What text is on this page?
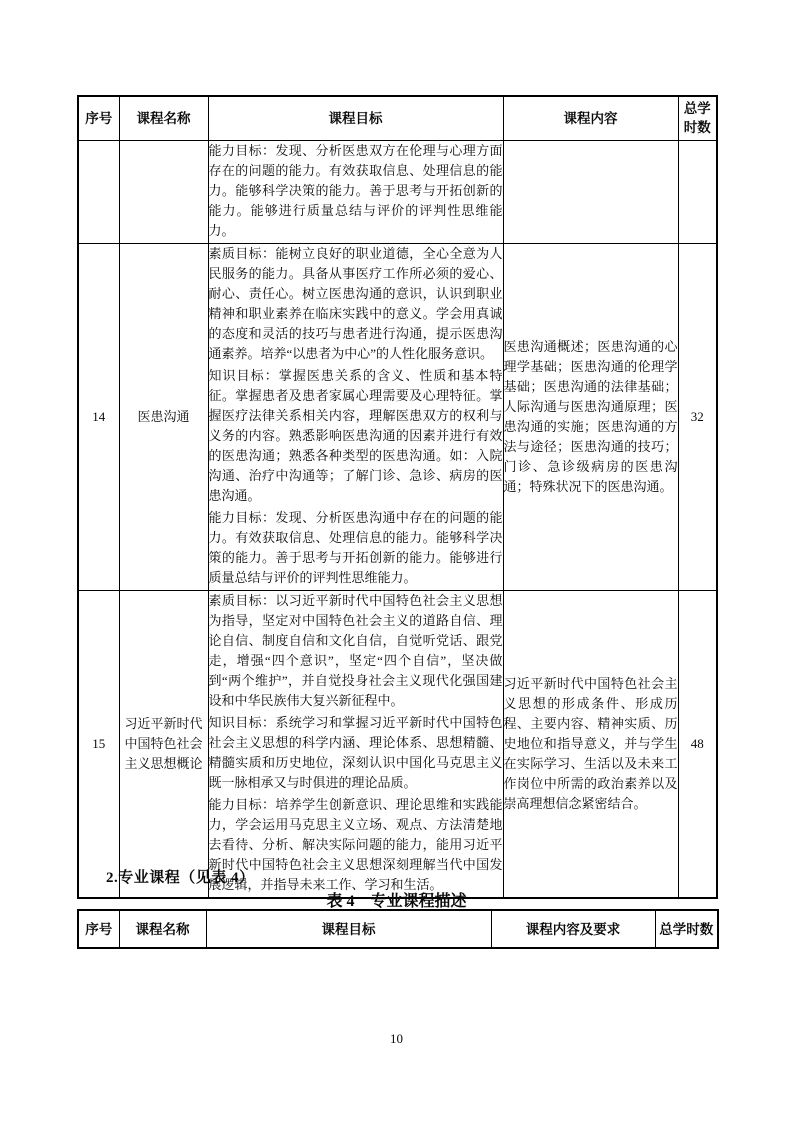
序号	课程名称	课程目标	课程内容	总学时数

		能力目标：发现、分析医患双方在伦理与心理方面存在的问题的能力。有效获取信息、处理信息的能力。能够科学决策的能力。善于思考与开拓创新的能力。能够进行质量总结与评价的评判性思维能力。		

14	医患沟通	素质目标：能树立良好的职业道德，全心全意为人民服务的能力。具备从事医疗工作所必须的爱心、耐心、责任心。树立医患沟通的意识，认识到职业精神和职业素养在临床实践中的意义。学会用真诚的态度和灵活的技巧与患者进行沟通，提示医患沟通素养。培养“以患者为中心”的人性化服务意识。

知识目标：掌握医患关系的含义、性质和基本特征。掌握患者及患者家属心理需要及心理特征。掌握医疗法律关系相关内容，理解医患双方的权利与义务的内容。熟悉影响医患沟通的因素并进行有效的医患沟通；熟悉各种类型的医患沟通。如：入院沟通、治疗中沟通等；了解门诊、急诊、病房的医患沟通。

能力目标：发现、分析医患沟通中存在的问题的能力。有效获取信息、处理信息的能力。能够科学决策的能力。善于思考与开拓创新的能力。能够进行质量总结与评价的评判性思维能力。	医患沟通概述；医患沟通的心理学基础；医患沟通的伦理学基础；医患沟通的法律基础；人际沟通与医患沟通原理；医患沟通的实施；医患沟通的方法与途径；医患沟通的技巧；门诊、急诊级病房的医患沟通；特殊状况下的医患沟通。	32
15	习近平新时代中国特色社会主义思想概论	素质目标：以习近平新时代中国特色社会主义思想为指导，坚定对中国特色社会主义的道路自信、理论自信、制度自信和文化自信，自觉听党话、跟党走，增强“四个意识”，坚定“四个自信”，坚决做到“两个维护”，并自觉投身社会主义现代化强国建设和中华民族伟大复兴新征程中。

知识目标：系统学习和掌握习近平新时代中国特色社会主义思想的科学内涵、理论体系、思想精髓、精髓实质和历史地位，深刻认识中国化马克思主义既一脉相承又与时俱进的理论品质。

能力目标：培养学生创新意识、理论思维和实践能力，学会运用马克思主义立场、观点、方法清楚地去看待、分析、解决实际问题的能力，能用习近平新时代中国特色社会主义思想深刻理解当代中国发展逻辑，并指导未来工作、学习和生活。	习近平新时代中国特色社会主义思想的形成条件、形成历程、主要内容、精神实质、历史地位和指导意义，并与学生在实际学习、生活以及未来工作岗位中所需的政治素养以及崇高理想信念紧密结合。	48
2.专业课程（见表 4）
表 4　专业课程描述
序号	课程名称	课程目标	课程内容及要求	总学时数
10
